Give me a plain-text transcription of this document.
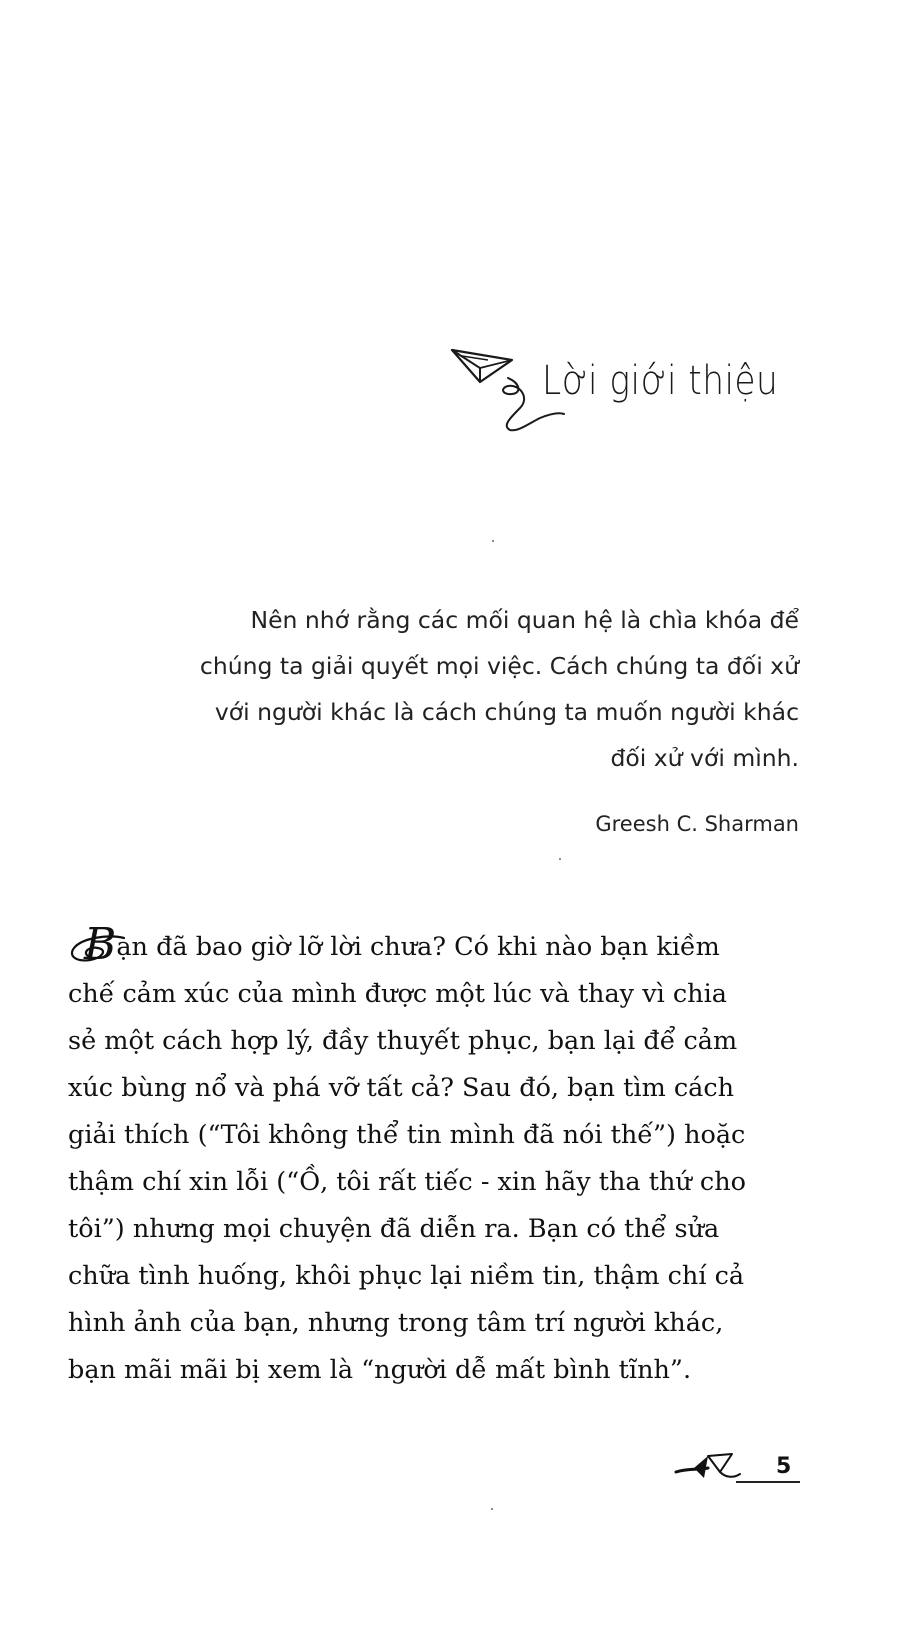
Lời giới thiệu
Nên nhớ rằng các mối quan hệ là chìa khóa để
chúng ta giải quyết mọi việc. Cách chúng ta đối xử
với người khác là cách chúng ta muốn người khác
đối xử với mình.
Greesh C. Sharman
Bạn đã bao giờ lỡ lời chưa? Có khi nào bạn kiềm
chế cảm xúc của mình được một lúc và thay vì chia
sẻ một cách hợp lý, đầy thuyết phục, bạn lại để cảm
xúc bùng nổ và phá vỡ tất cả? Sau đó, bạn tìm cách
giải thích (“Tôi không thể tin mình đã nói thế”) hoặc
thậm chí xin lỗi (“Ồ, tôi rất tiếc - xin hãy tha thứ cho
tôi”) nhưng mọi chuyện đã diễn ra. Bạn có thể sửa
chữa tình huống, khôi phục lại niềm tin, thậm chí cả
hình ảnh của bạn, nhưng trong tâm trí người khác,
bạn mãi mãi bị xem là “người dễ mất bình tĩnh”.
5
